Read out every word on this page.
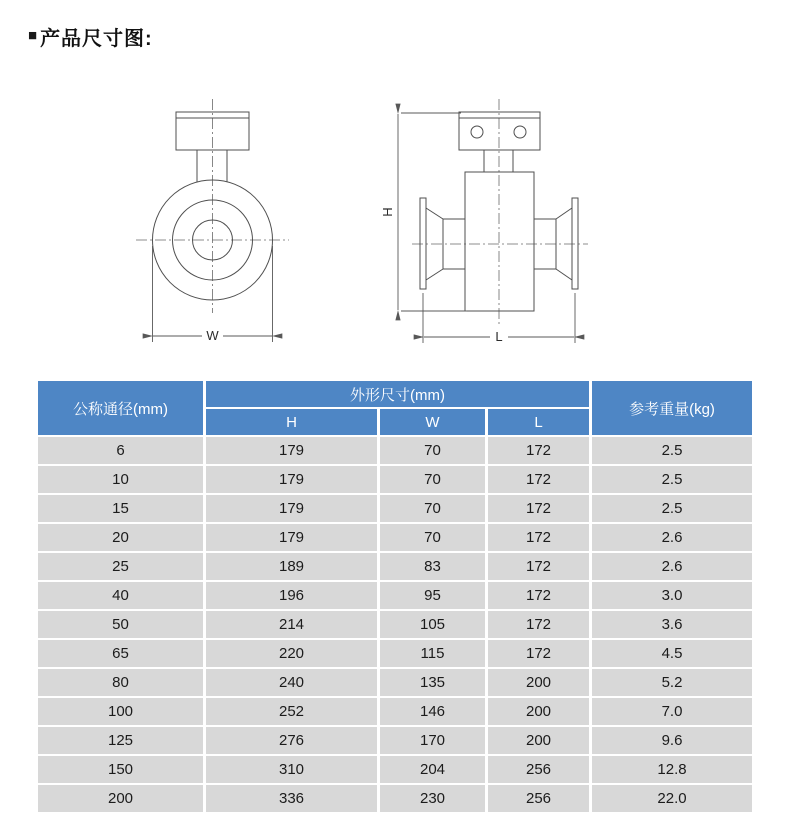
■ 产品尺寸图:
W
H
L
公称通径(mm)	外形尺寸(mm)			参考重量(kg)
	H	W	L	
6	179	70	172	2.5
10	179	70	172	2.5
15	179	70	172	2.5
20	179	70	172	2.6
25	189	83	172	2.6
40	196	95	172	3.0
50	214	105	172	3.6
65	220	115	172	4.5
80	240	135	200	5.2
100	252	146	200	7.0
125	276	170	200	9.6
150	310	204	256	12.8
200	336	230	256	22.0
